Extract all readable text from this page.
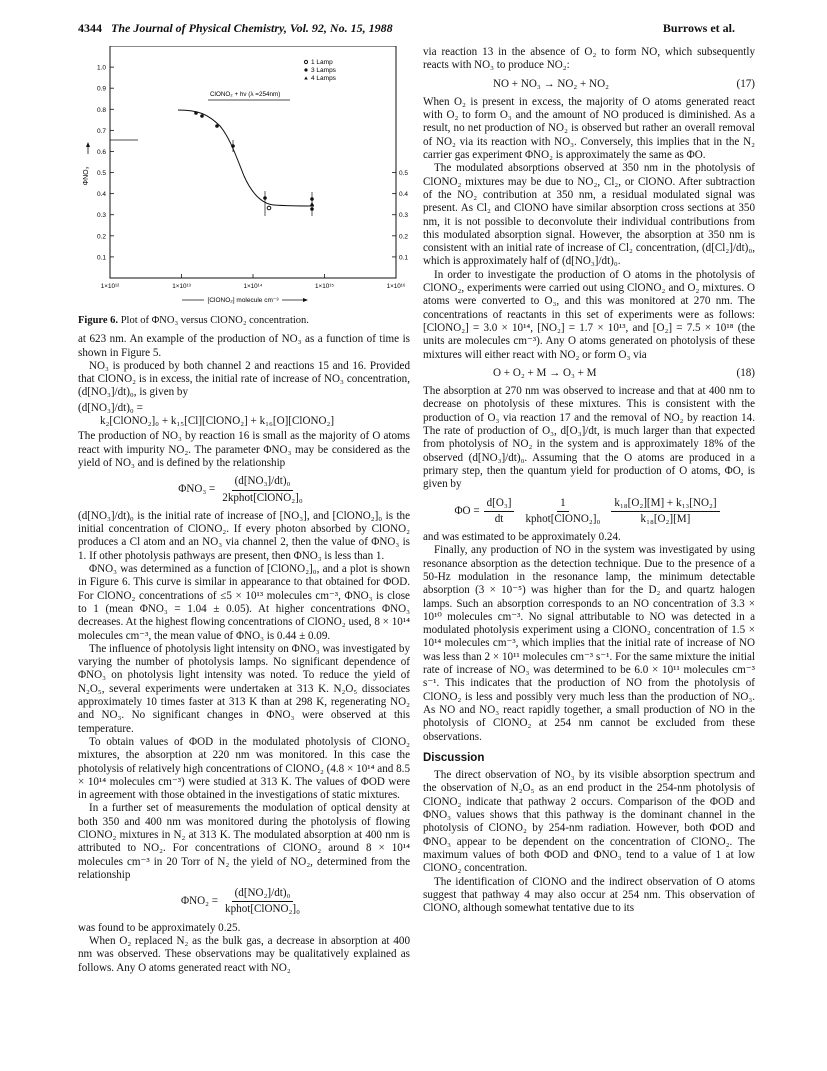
4344 The Journal of Physical Chemistry, Vol. 92, No. 15, 1988	Burrows et al.
1 Lamp
3 Lamps
4 Lamps
ClONO₂ + hν (λ =254nm)
1.0
0.9
0.8
0.7
0.6
0.5
0.4
0.3
0.2
0.1
0.5
0.4
0.3
0.2
0.1
1×10¹²	1×10¹³	1×10¹⁴	1×10¹⁵	1×10¹⁶
ΦNO₃
[ClONO₂] molecule cm⁻³
Figure 6. Plot of ΦNO₃ versus ClONO₂ concentration.

at 623 nm. An example of the production of NO₃ as a function of time is shown in Figure 5.

NO₃ is produced by both channel 2 and reactions 15 and 16. Provided that ClONO₂ is in excess, the initial rate of increase of NO₃ concentration, (d[NO₃]/dt)₀, is given by

(d[NO₃]/dt)₀ =
k₂[ClONO₂]₀ + k₁₅[Cl][ClONO₂] + k₁₆[O][ClONO₂]

The production of NO₃ by reaction 16 is small as the majority of O atoms react with impurity NO₂. The parameter ΦNO₃ may be considered as the yield of NO₃ and is defined by the relationship

$\Phi NO_3 = \frac{\text{(d[NO₃]/dt)₀}}{\text{2kphot[ClONO₂]₀}}$

(d[NO₃]/dt)₀ is the initial rate of increase of [NO₃], and [ClONO₂]₀ is the initial concentration of ClONO₂. If every photon absorbed by ClONO₂ produces a Cl atom and an NO₃ via channel 2, then the value of ΦNO₃ is 1. If other photolysis pathways are present, then ΦNO₃ is less than 1.

ΦNO₃ was determined as a function of [ClONO₂]₀, and a plot is shown in Figure 6. This curve is similar in appearance to that obtained for ΦOD. For ClONO₂ concentrations of ≤5 × 10¹³ molecules cm⁻³, ΦNO₃ is close to 1 (mean ΦNO₃ = 1.04 ± 0.05). At higher concentrations ΦNO₃ decreases. At the highest flowing concentrations of ClONO₂ used, 8 × 10¹⁴ molecules cm⁻³, the mean value of ΦNO₃ is 0.44 ± 0.09.

The influence of photolysis light intensity on ΦNO₃ was investigated by varying the number of photolysis lamps. No significant dependence of ΦNO₃ on photolysis light intensity was noted. To reduce the yield of N₂O₅, several experiments were undertaken at 313 K. N₂O₅ dissociates approximately 10 times faster at 313 K than at 298 K, regenerating NO₂ and NO₃. No significant changes in ΦNO₃ were observed at this temperature.

To obtain values of ΦOD in the modulated photolysis of ClONO₂ mixtures, the absorption at 220 nm was monitored. In this case the photolysis of relatively high concentrations of ClONO₂ (4.8 × 10¹⁴ and 8.5 × 10¹⁴ molecules cm⁻³) were studied at 313 K. The values of ΦOD were in agreement with those obtained in the investigations of static mixtures.

In a further set of measurements the modulation of optical density at both 350 and 400 nm was monitored during the photolysis of flowing ClONO₂ mixtures in N₂ at 313 K. The modulated absorption at 400 nm is attributed to NO₂. For concentrations of ClONO₂ around 8 × 10¹⁴ molecules cm⁻³ in 20 Torr of N₂ the yield of NO₂, determined from the relationship

$\Phi NO_2 = \frac{\text{(d[NO₂]/dt)₀}}{\text{kphot[ClONO₂]₀}}$

was found to be approximately 0.25.

When O₂ replaced N₂ as the bulk gas, a decrease in absorption at 400 nm was observed. These observations may be qualitatively explained as follows. Any O atoms generated react with NO₂

via reaction 13 in the absence of O₂ to form NO, which subsequently reacts with NO₃ to produce NO₂:

NO + NO₃ → NO₂ + NO₂	(17)

When O₂ is present in excess, the majority of O atoms generated react with O₂ to form O₃ and the amount of NO produced is diminished. As a result, no net production of NO₂ is observed but rather an overall removal of NO₂ via its reaction with NO₃. Conversely, this implies that in the N₂ carrier gas experiment ΦNO₂ is approximately the same as ΦO.

The modulated absorptions observed at 350 nm in the photolysis of ClONO₂ mixtures may be due to NO₂, Cl₂, or ClONO. After subtraction of the NO₂ contribution at 350 nm, a residual modulated signal was present. As Cl₂ and ClONO have similar absorption cross sections at 350 nm, it is not possible to deconvolute their individual contributions from this modulated absorption signal. However, the absorption at 350 nm is consistent with an initial rate of increase of Cl₂ concentration, (d[Cl₂]/dt)₀, which is approximately half of (d[NO₃]/dt)₀.

In order to investigate the production of O atoms in the photolysis of ClONO₂, experiments were carried out using ClONO₂ and O₂ mixtures. O atoms were converted to O₃, and this was monitored at 270 nm. The concentrations of reactants in this set of experiments were as follows: [ClONO₂] = 3.0 × 10¹⁴, [NO₂] = 1.7 × 10¹³, and [O₂] = 7.5 × 10¹⁸ (the units are molecules cm⁻³). Any O atoms generated on photolysis of these mixtures will either react with NO₂ or form O₃ via

O + O₂ + M → O₃ + M	(18)

The absorption at 270 nm was observed to increase and that at 400 nm to decrease on photolysis of these mixtures. This is consistent with the production of O₃ via reaction 17 and the removal of NO₂ by reaction 14. The rate of production of O₃, d[O₃]/dt, is much larger than that expected from photolysis of NO₂ in the system and is approximately 18% of the observed (d[NO₃]/dt)₀. Assuming that the O atoms are produced in a primary step, then the quantum yield for production of O atoms, ΦO, is given by

$\Phi O = \frac{\text{d[O₃]}}{dt} \frac{1}{\text{kphot[ClONO₂]₀}} \frac{\text{k₁₈[O₂][M] + k₁₃[NO₂]}}{\text{k₁₈[O₂][M]}}$

and was estimated to be approximately 0.24.

Finally, any production of NO in the system was investigated by using resonance absorption as the detection technique. Due to the presence of a 50-Hz modulation in the resonance lamp, the minimum detectable absorption (3 × 10⁻⁵) was higher than for the D₂ and quartz halogen lamps. Such an absorption corresponds to an NO concentration of 3.3 × 10¹⁰ molecules cm⁻³. No signal attributable to NO was detected in a modulated photolysis experiment using a ClONO₂ concentration of 1.5 × 10¹⁴ molecules cm⁻³, which implies that the initial rate of increase of NO was less than 2 × 10¹¹ molecules cm⁻³ s⁻¹. For the same mixture the initial rate of increase of NO₃ was determined to be 6.0 × 10¹¹ molecules cm⁻³ s⁻¹. This indicates that the production of NO from the photolysis of ClONO₂ is less and possibly very much less than the production of NO₃. As NO and NO₃ react rapidly together, a small production of NO in the photolysis of ClONO₂ at 254 nm cannot be excluded from these observations.

Discussion

The direct observation of NO₃ by its visible absorption spectrum and the observation of N₂O₅ as an end product in the 254-nm photolysis of ClONO₂ indicate that pathway 2 occurs. Comparison of the ΦOD and ΦNO₃ values shows that this pathway is the dominant channel in the photolysis of ClONO₂ by 254-nm radiation. However, both ΦOD and ΦNO₃ appear to be dependent on the concentration of ClONO₂. The maximum values of both ΦOD and ΦNO₃ tend to a value of 1 at low ClONO₂ concentration.

The identification of ClONO and the indirect observation of O atoms suggest that pathway 4 may also occur at 254 nm. This observation of ClONO, although somewhat tentative due to its
